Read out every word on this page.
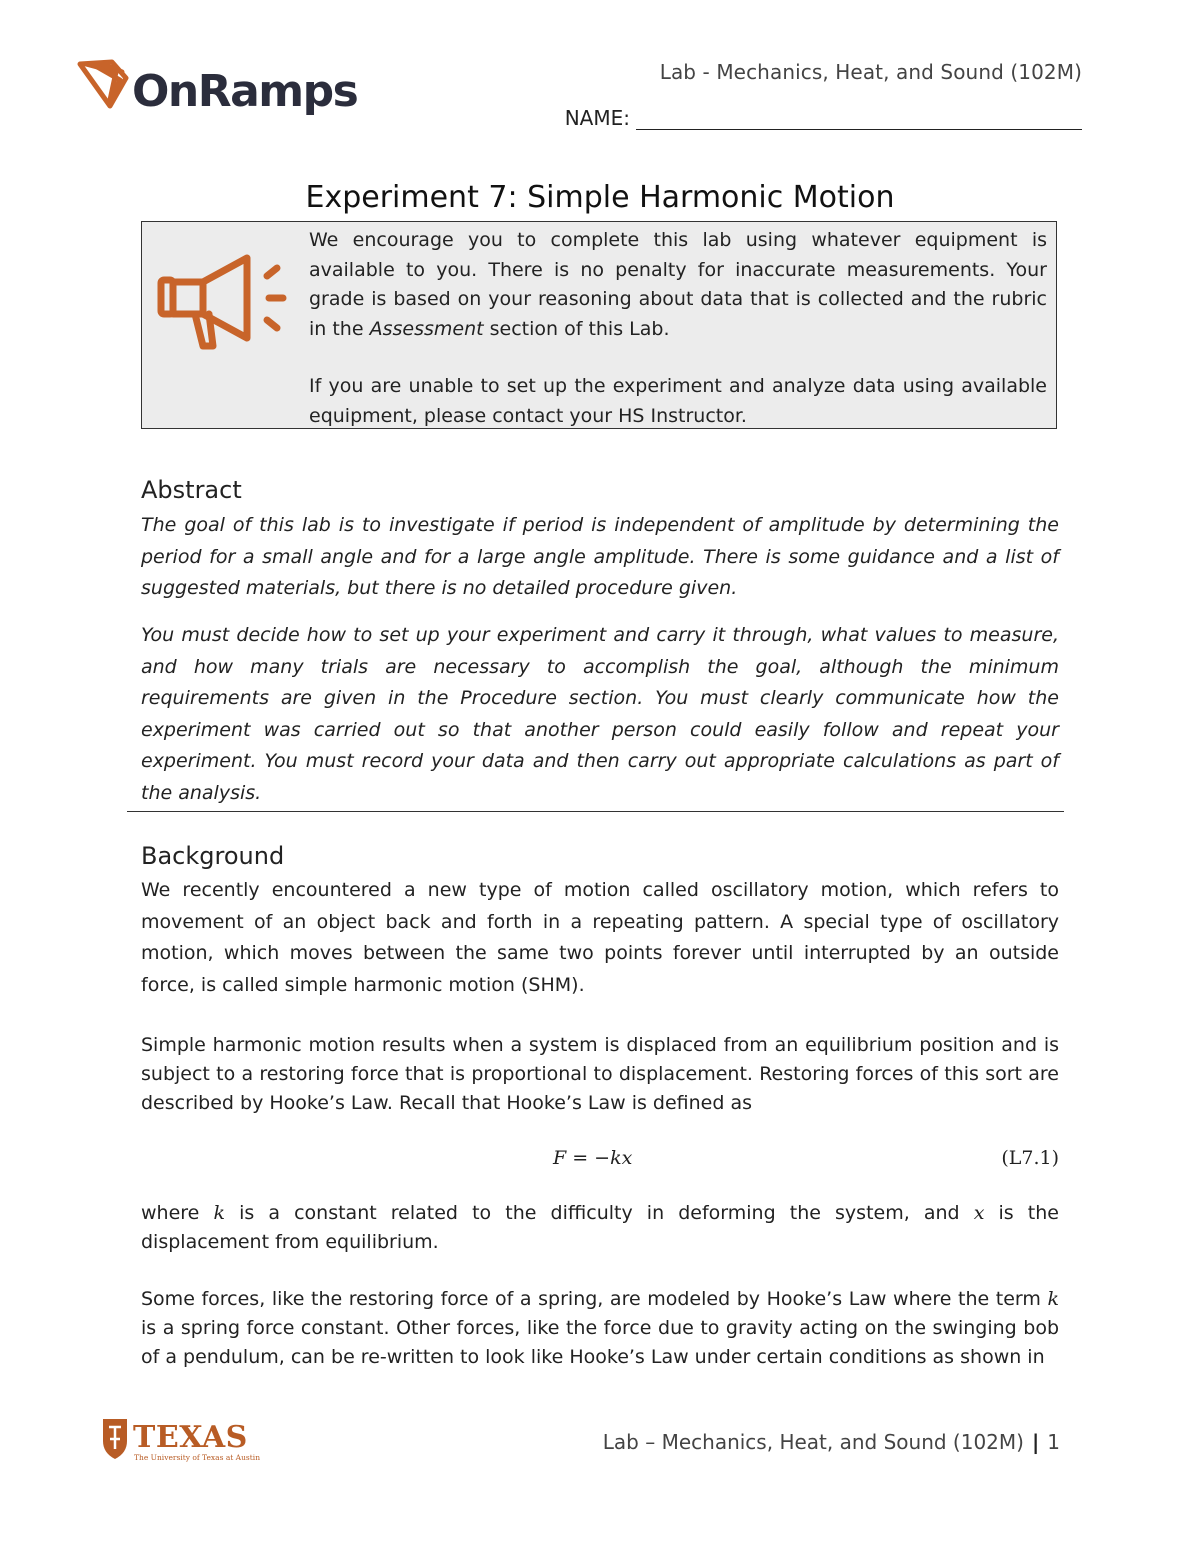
OnRamps	Lab - Mechanics, Heat, and Sound (102M)
NAME:
Experiment 7: Simple Harmonic Motion
We encourage you to complete this lab using whatever equipment is available to you. There is no penalty for inaccurate measurements. Your grade is based on your reasoning about data that is collected and the rubric in the Assessment section of this Lab.
If you are unable to set up the experiment and analyze data using available equipment, please contact your HS Instructor.
Abstract

The goal of this lab is to investigate if period is independent of amplitude by determining the period for a small angle and for a large angle amplitude. There is some guidance and a list of suggested materials, but there is no detailed procedure given.

You must decide how to set up your experiment and carry it through, what values to measure, and how many trials are necessary to accomplish the goal, although the minimum requirements are given in the Procedure section. You must clearly communicate how the experiment was carried out so that another person could easily follow and repeat your experiment. You must record your data and then carry out appropriate calculations as part of the analysis.

Background

We recently encountered a new type of motion called oscillatory motion, which refers to movement of an object back and forth in a repeating pattern. A special type of oscillatory motion, which moves between the same two points forever until interrupted by an outside force, is called simple harmonic motion (SHM).

Simple harmonic motion results when a system is displaced from an equilibrium position and is subject to a restoring force that is proportional to displacement. Restoring forces of this sort are described by Hooke’s Law. Recall that Hooke’s Law is defined as

F = −kx	(L7.1)

where k is a constant related to the difficulty in deforming the system, and x is the displacement from equilibrium.

Some forces, like the restoring force of a spring, are modeled by Hooke’s Law where the term k is a spring force constant. Other forces, like the force due to gravity acting on the swinging bob of a pendulum, can be re-written to look like Hooke’s Law under certain conditions as shown in

TEXAS
The University of Texas at Austin
Lab – Mechanics, Heat, and Sound (102M) | 1
